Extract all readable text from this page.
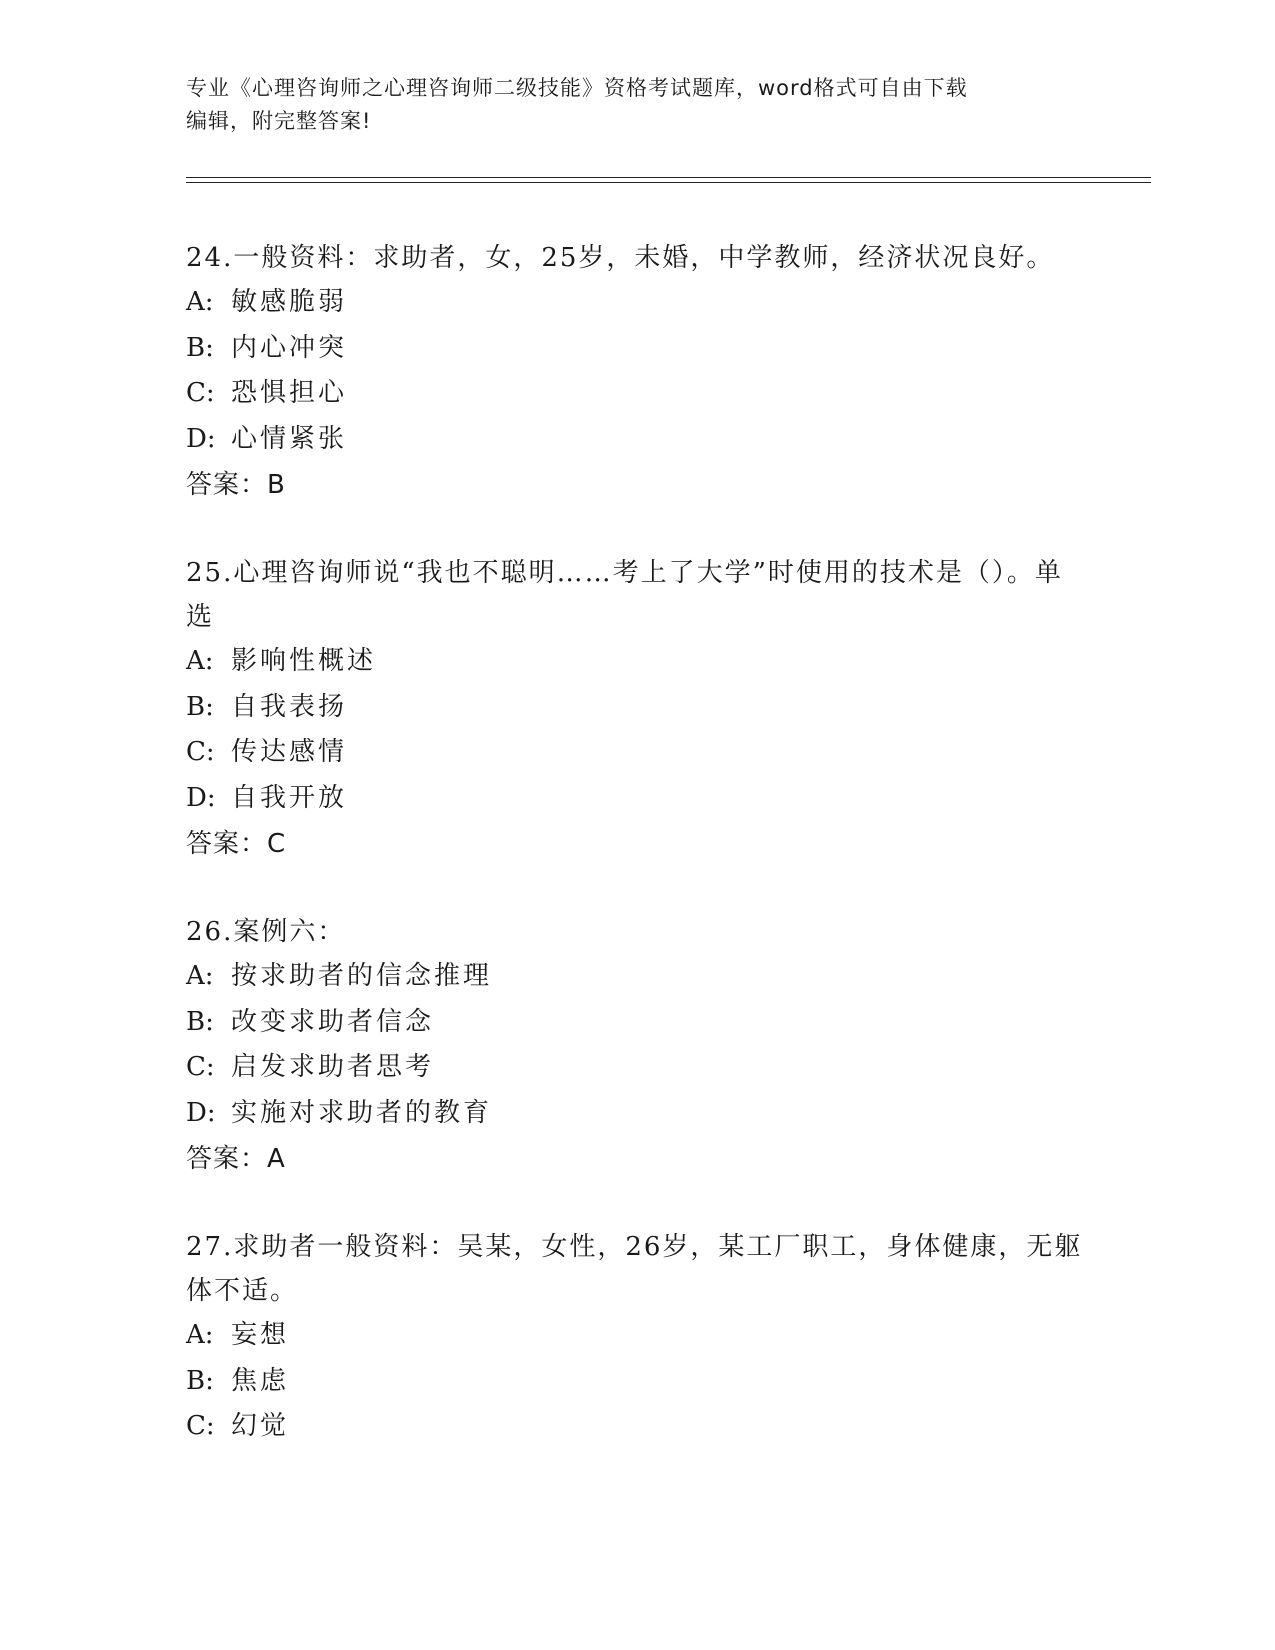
专业《心理咨询师之心理咨询师二级技能》资格考试题库，word格式可自由下载
编辑，附完整答案!
24.一般资料：求助者，女，25岁，未婚，中学教师，经济状况良好。
A: 敏感脆弱
B: 内心冲突
C: 恐惧担心
D: 心情紧张
答案：B
25.心理咨询师说“我也不聪明……考上了大学”时使用的技术是（）。单选
A: 影响性概述
B: 自我表扬
C: 传达感情
D: 自我开放
答案：C
26.案例六：
A: 按求助者的信念推理
B: 改变求助者信念
C: 启发求助者思考
D: 实施对求助者的教育
答案：A
27.求助者一般资料：吴某，女性，26岁，某工厂职工，身体健康，无躯体不适。
A: 妄想
B: 焦虑
C: 幻觉
